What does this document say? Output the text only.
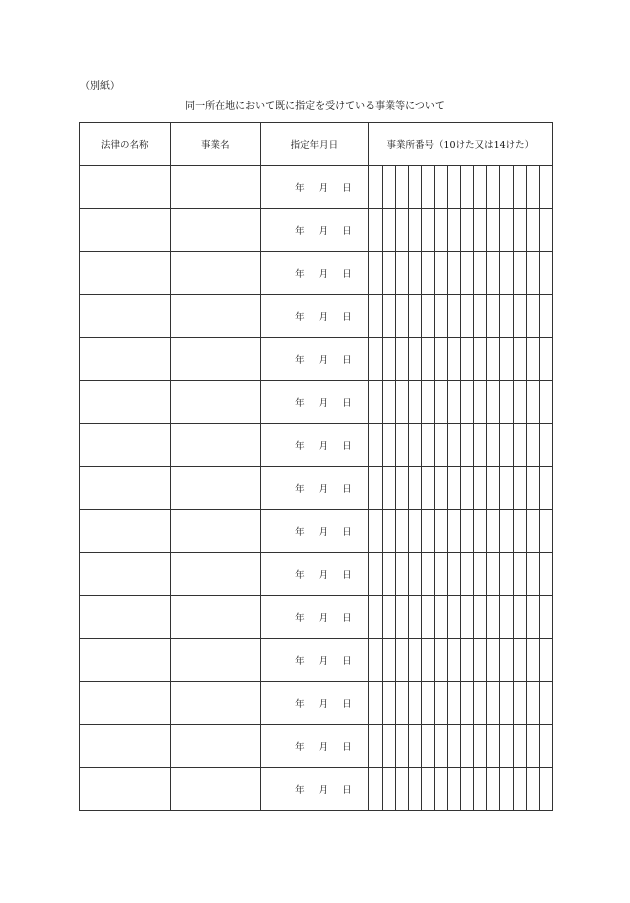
（別紙）
同一所在地において既に指定を受けている事業等について
法律の名称	事業名	指定年月日	事業所番号（10けた又は14けた）													
		年 月 日														
		年 月 日														
		年 月 日														
		年 月 日														
		年 月 日														
		年 月 日														
		年 月 日														
		年 月 日														
		年 月 日														
		年 月 日														
		年 月 日														
		年 月 日														
		年 月 日														
		年 月 日														
		年 月 日														
